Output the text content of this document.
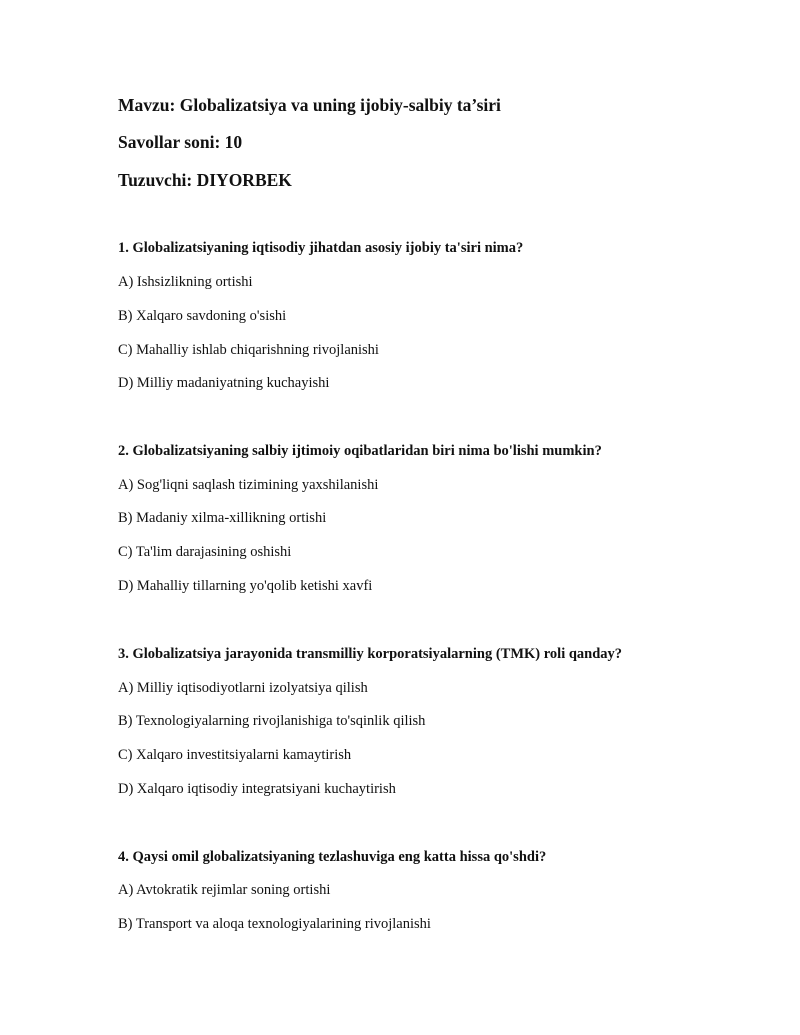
Mavzu: Globalizatsiya va uning ijobiy-salbiy ta’siri
Savollar soni: 10
Tuzuvchi: DIYORBEK
1. Globalizatsiyaning iqtisodiy jihatdan asosiy ijobiy ta'siri nima?
A) Ishsizlikning ortishi
B) Xalqaro savdoning o'sishi
C) Mahalliy ishlab chiqarishning rivojlanishi
D) Milliy madaniyatning kuchayishi
2. Globalizatsiyaning salbiy ijtimoiy oqibatlaridan biri nima bo'lishi mumkin?
A) Sog'liqni saqlash tizimining yaxshilanishi
B) Madaniy xilma-xillikning ortishi
C) Ta'lim darajasining oshishi
D) Mahalliy tillarning yo'qolib ketishi xavfi
3. Globalizatsiya jarayonida transmilliy korporatsiyalarning (TMK) roli qanday?
A) Milliy iqtisodiyotlarni izolyatsiya qilish
B) Texnologiyalarning rivojlanishiga to'sqinlik qilish
C) Xalqaro investitsiyalarni kamaytirish
D) Xalqaro iqtisodiy integratsiyani kuchaytirish
4. Qaysi omil globalizatsiyaning tezlashuviga eng katta hissa qo'shdi?
A) Avtokratik rejimlar soning ortishi
B) Transport va aloqa texnologiyalarining rivojlanishi
